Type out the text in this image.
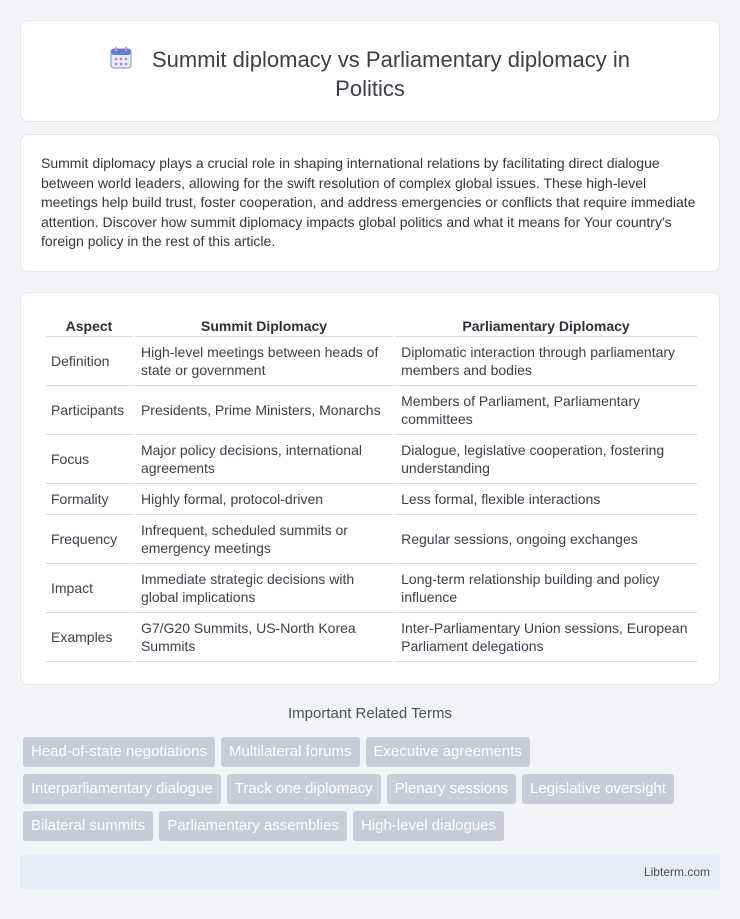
Summit diplomacy vs Parliamentary diplomacy in
Politics

Summit diplomacy plays a crucial role in shaping international relations by facilitating direct dialogue between world leaders, allowing for the swift resolution of complex global issues. These high-level meetings help build trust, foster cooperation, and address emergencies or conflicts that require immediate attention. Discover how summit diplomacy impacts global politics and what it means for Your country's foreign policy in the rest of this article.

Aspect	Summit Diplomacy	Parliamentary Diplomacy
Definition	High-level meetings between heads of state or government	Diplomatic interaction through parliamentary members and bodies
Participants	Presidents, Prime Ministers, Monarchs	Members of Parliament, Parliamentary committees
Focus	Major policy decisions, international agreements	Dialogue, legislative cooperation, fostering understanding
Formality	Highly formal, protocol-driven	Less formal, flexible interactions
Frequency	Infrequent, scheduled summits or emergency meetings	Regular sessions, ongoing exchanges
Impact	Immediate strategic decisions with global implications	Long-term relationship building and policy influence
Examples	G7/G20 Summits, US-North Korea Summits	Inter-Parliamentary Union sessions, European Parliament delegations
Important Related Terms
Head-of-state negotiations Multilateral forums Executive agreements
Interparliamentary dialogue Track one diplomacy Plenary sessions Legislative oversight
Bilateral summits Parliamentary assemblies High-level dialogues
Libterm.com
